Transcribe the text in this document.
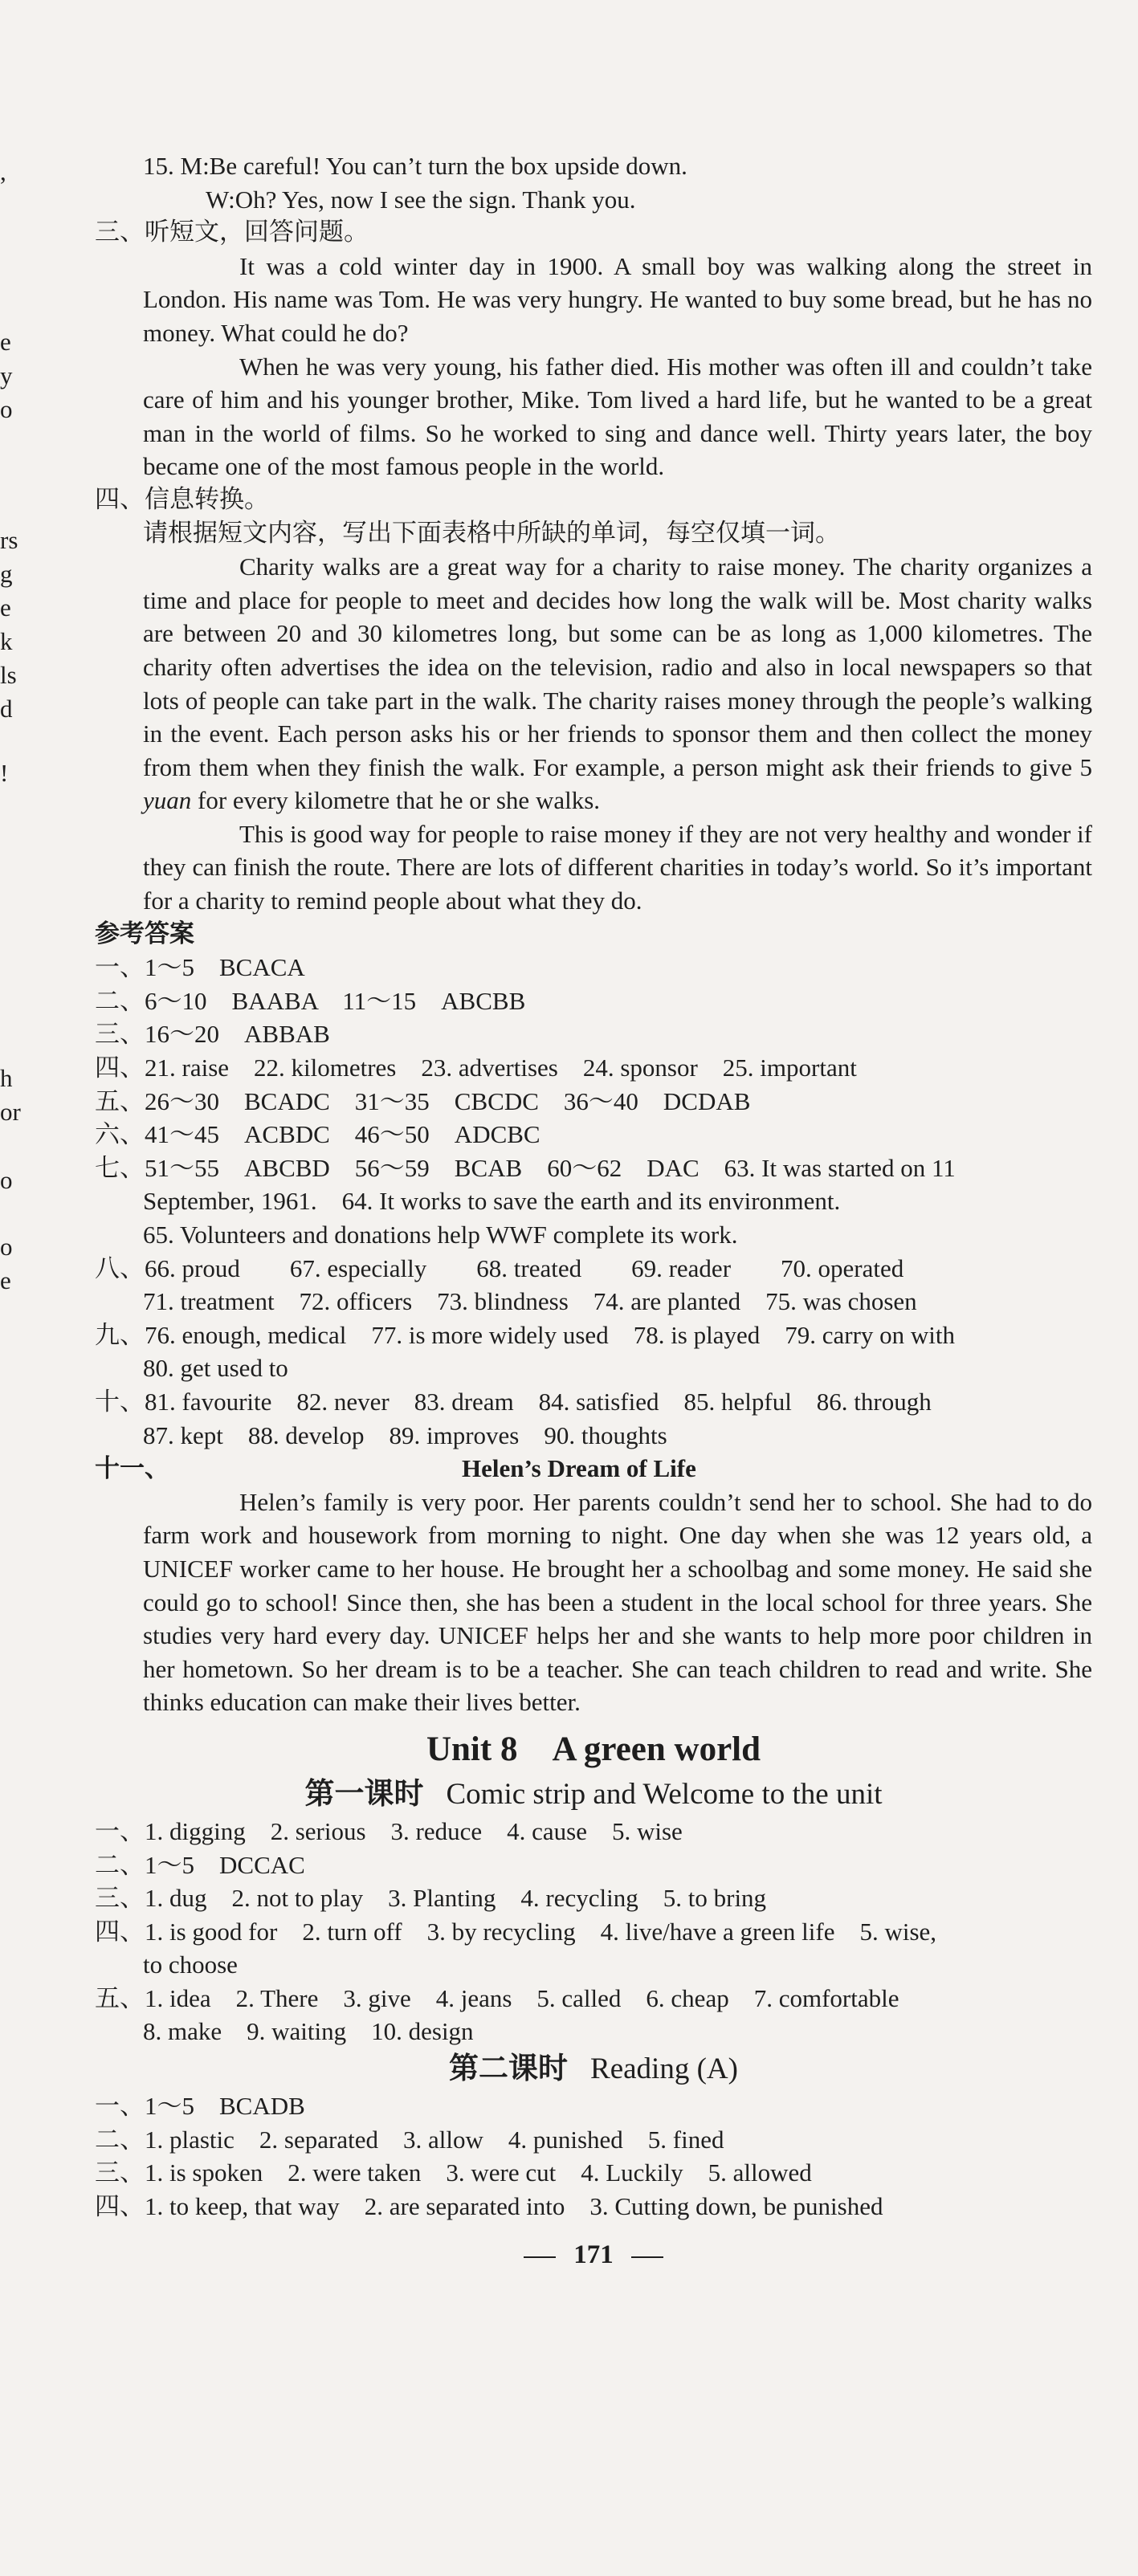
,
e
y
o
rs
g
e
k
ls
d
!
h
or
o
o
e
15. M:Be careful! You can’t turn the box upside down.
W:Oh? Yes, now I see the sign. Thank you.
三、听短文，回答问题。
It was a cold winter day in 1900. A small boy was walking along the street in London. His name was Tom. He was very hungry. He wanted to buy some bread, but he has no money. What could he do?
When he was very young, his father died. His mother was often ill and couldn’t take care of him and his younger brother, Mike. Tom lived a hard life, but he wanted to be a great man in the world of films. So he worked to sing and dance well. Thirty years later, the boy became one of the most famous people in the world.
四、信息转换。
请根据短文内容，写出下面表格中所缺的单词，每空仅填一词。
Charity walks are a great way for a charity to raise money. The charity organizes a time and place for people to meet and decides how long the walk will be. Most charity walks are between 20 and 30 kilometres long, but some can be as long as 1,000 kilometres. The charity often advertises the idea on the television, radio and also in local newspapers so that lots of people can take part in the walk. The charity raises money through the people’s walking in the event. Each person asks his or her friends to sponsor them and then collect the money from them when they finish the walk. For example, a person might ask their friends to give 5 yuan for every kilometre that he or she walks.
This is good way for people to raise money if they are not very healthy and wonder if they can finish the route. There are lots of different charities in today’s world. So it’s important for a charity to remind people about what they do.
参考答案
一、1～5　BCACA
二、6～10　BAABA　11～15　ABCBB
三、16～20　ABBAB
四、21. raise　22. kilometres　23. advertises　24. sponsor　25. important
五、26～30　BCADC　31～35　CBCDC　36～40　DCDAB
六、41～45　ACBDC　46～50　ADCBC
七、51～55　ABCBD　56～59　BCAB　60～62　DAC　63. It was started on 11
September, 1961.　64. It works to save the earth and its environment.
65. Volunteers and donations help WWF complete its work.
八、66. proud　　67. especially　　68. treated　　69. reader　　70. operated
71. treatment　72. officers　73. blindness　74. are planted　75. was chosen
九、76. enough, medical　77. is more widely used　78. is played　79. carry on with
80. get used to
十、81. favourite　82. never　83. dream　84. satisfied　85. helpful　86. through
87. kept　88. develop　89. improves　90. thoughts
十一、	Helen’s Dream of Life
Helen’s family is very poor. Her parents couldn’t send her to school. She had to do farm work and housework from morning to night. One day when she was 12 years old, a UNICEF worker came to her house. He brought her a schoolbag and some money. He said she could go to school! Since then, she has been a student in the local school for three years. She studies very hard every day. UNICEF helps her and she wants to help more poor children in her hometown. So her dream is to be a teacher. She can teach children to read and write. She thinks education can make their lives better.
Unit 8　A green world
第一课时 Comic strip and Welcome to the unit
一、1. digging　2. serious　3. reduce　4. cause　5. wise
二、1～5　DCCAC
三、1. dug　2. not to play　3. Planting　4. recycling　5. to bring
四、1. is good for　2. turn off　3. by recycling　4. live/have a green life　5. wise,
to choose
五、1. idea　2. There　3. give　4. jeans　5. called　6. cheap　7. comfortable
8. make　9. waiting　10. design
第二课时 Reading (A)
一、1～5　BCADB
二、1. plastic　2. separated　3. allow　4. punished　5. fined
三、1. is spoken　2. were taken　3. were cut　4. Luckily　5. allowed
四、1. to keep, that way　2. are separated into　3. Cutting down, be punished
171
